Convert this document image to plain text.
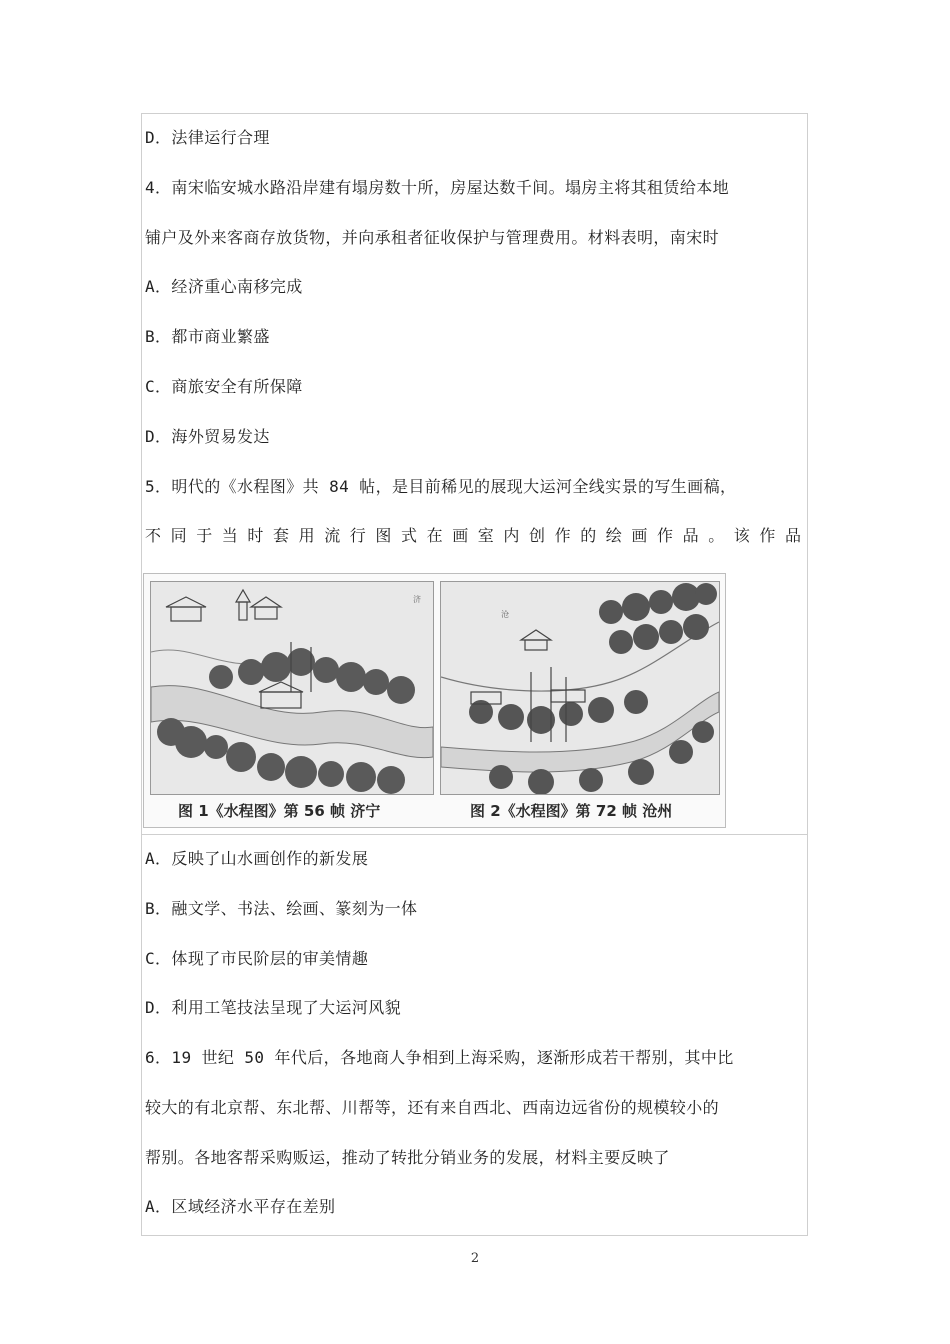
D．法律运行合理
4．南宋临安城水路沿岸建有塌房数十所，房屋达数千间。塌房主将其租赁给本地
铺户及外来客商存放货物，并向承租者征收保护与管理费用。材料表明，南宋时
A．经济重心南移完成
B．都市商业繁盛
C．商旅安全有所保障
D．海外贸易发达
5．明代的《水程图》共 84 帖，是目前稀见的展现大运河全线实景的写生画稿，
不同于当时套用流行图式在画室内创作的绘画作品。该作品
济
沧
图 1《水程图》第 56 帧 济宁	图 2《水程图》第 72 帧 沧州
A．反映了山水画创作的新发展
B．融文学、书法、绘画、篆刻为一体
C．体现了市民阶层的审美情趣
D．利用工笔技法呈现了大运河风貌
6．19 世纪 50 年代后，各地商人争相到上海采购，逐渐形成若干帮别，其中比
较大的有北京帮、东北帮、川帮等，还有来自西北、西南边远省份的规模较小的
帮别。各地客帮采购贩运，推动了转批分销业务的发展，材料主要反映了
A．区域经济水平存在差别
2
